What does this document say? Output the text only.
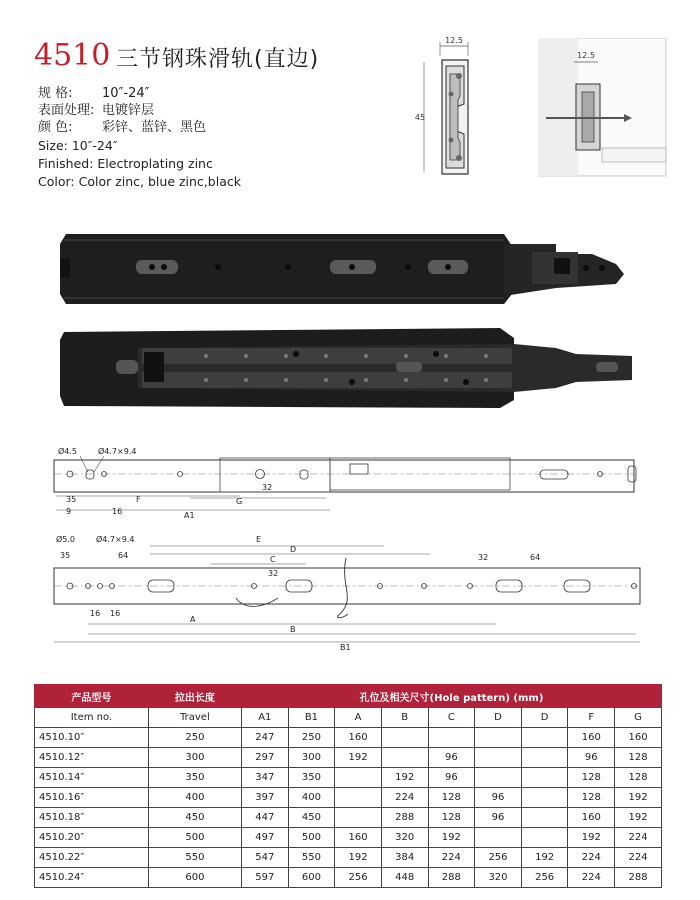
4510 三节钢珠滑轨(直边)
规 格: 10″-24″
表面处理: 电镀锌层
颜 色: 彩锌、蓝锌、黑色
Size: 10″-24″
Finished: Electroplating zinc
Color: Color zinc, blue zinc,black
12.5
45
12.5
Ø4.5	Ø4.7×9.4
35	F
9	16
32
G
A1
Ø5.0	Ø4.7×9.4
35	64
E
D
C
32
32	64
16 16
A
B
B1
产品型号	拉出长度	孔位及相关尺寸(Hole pattern) (mm)								
Item no.	Travel	A1	B1	A	B	C	D	D	F	G
4510.10″	250	247	250	160					160	160
4510.12″	300	297	300	192		96			96	128
4510.14″	350	347	350		192	96			128	128
4510.16″	400	397	400		224	128	96		128	192
4510.18″	450	447	450		288	128	96		160	192
4510.20″	500	497	500	160	320	192			192	224
4510.22″	550	547	550	192	384	224	256	192	224	224
4510.24″	600	597	600	256	448	288	320	256	224	288
